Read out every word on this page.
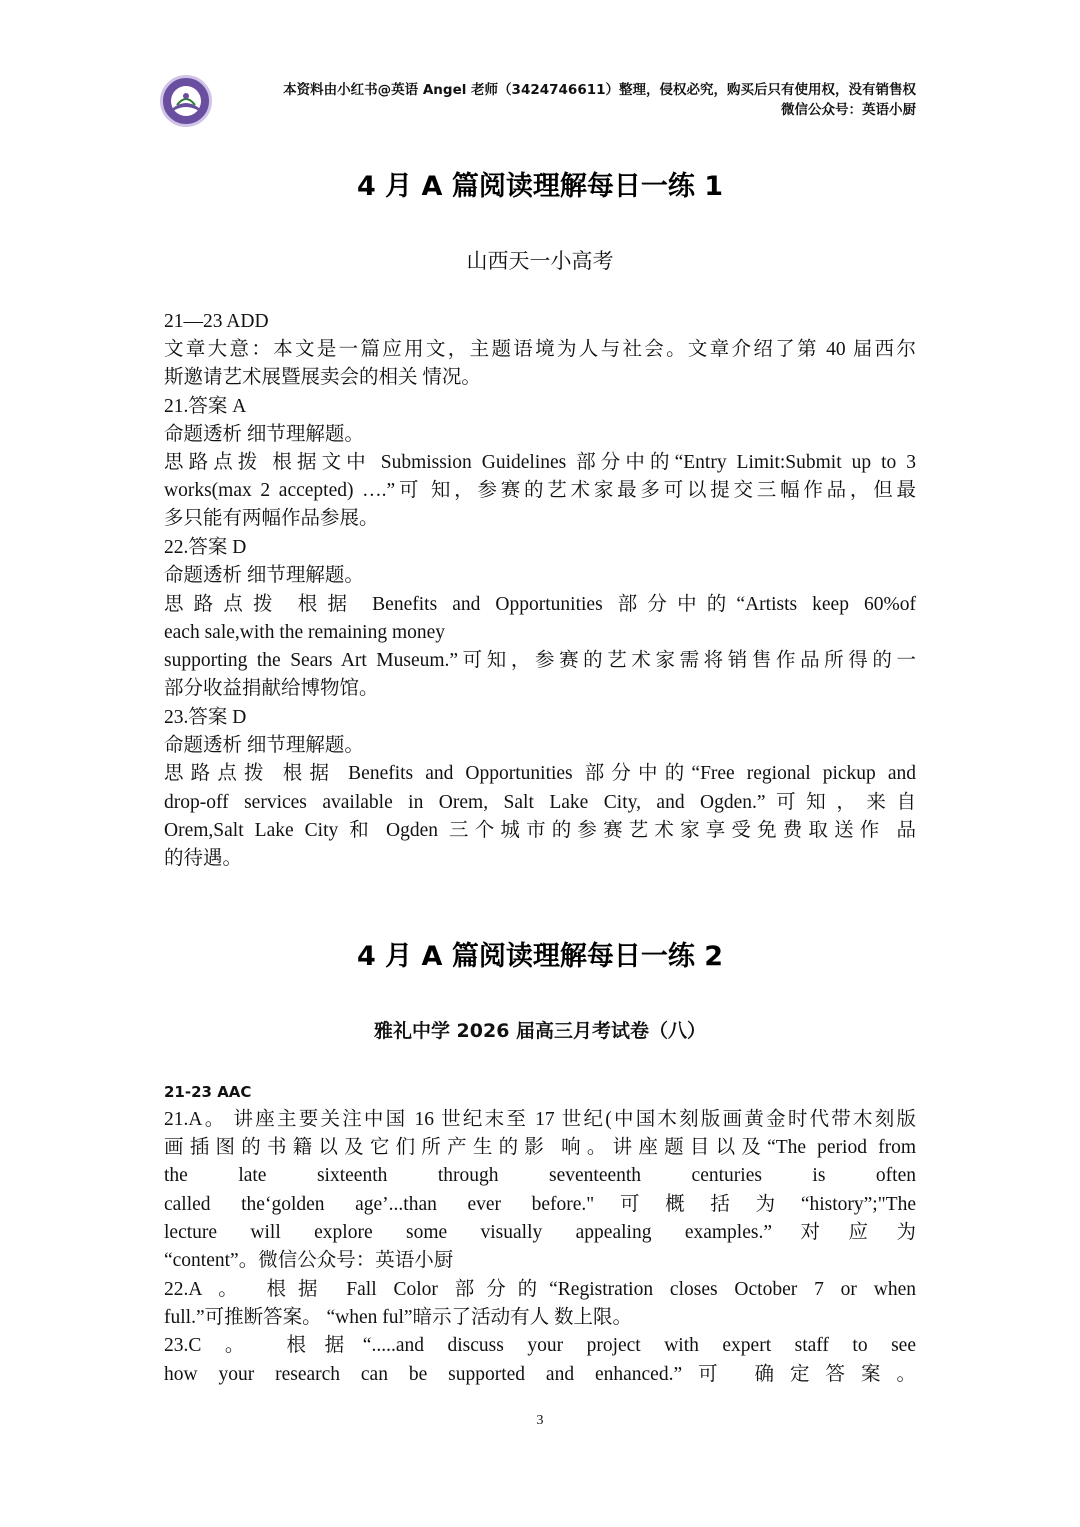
本资料由小红书@英语 Angel 老师（3424746611）整理，侵权必究，购买后只有使用权，没有销售权
微信公众号：英语小厨
4 月 A 篇阅读理解每日一练 1
山西天一小高考
21—23 ADD
文章大意：本文是一篇应用文，主题语境为人与社会。文章介绍了第 40 届西尔
斯邀请艺术展暨展卖会的相关 情况。
21.答案 A
命题透析 细节理解题。
思路点拨 根据文中 Submission Guidelines 部分中的“Entry Limit:Submit up to 3
works(max 2 accepted) ….”可 知，参赛的艺术家最多可以提交三幅作品，但最
多只能有两幅作品参展。
22.答案 D
命题透析 细节理解题。
思路点拨 根据 Benefits and Opportunities 部分中的“Artists keep 60%of
each sale,with the remaining money
supporting the Sears Art Museum.”可知，参赛的艺术家需将销售作品所得的一
部分收益捐献给博物馆。
23.答案 D
命题透析 细节理解题。
思路点拨 根据 Benefits and Opportunities 部分中的“Free regional pickup and
drop-off services available in Orem, Salt Lake City, and Ogden.”可知，来自
Orem,Salt Lake City 和 Ogden 三个城市的参赛艺术家享受免费取送作 品
的待遇。
4 月 A 篇阅读理解每日一练 2
雅礼中学 2026 届高三月考试卷（八）
21-23 AAC
21.A。 讲座主要关注中国 16 世纪末至 17 世纪(中国木刻版画黄金时代带木刻版
画插图的书籍以及它们所产生的影 响。讲座题目以及“The period from
the late sixteenth through seventeenth centuries is often
called the‘golden age’...than ever before."可概括为“history”;"The
lecture will explore some visually appealing examples.”对应为
“content”。微信公众号：英语小厨
22.A 。 根据 Fall Color 部分的“Registration closes October 7 or when
full.”可推断答案。 “when ful”暗示了活动有人 数上限。
23.C 。 根据“.....and discuss your project with expert staff to see
how your research can be supported and enhanced.”可 确定答案。
3
